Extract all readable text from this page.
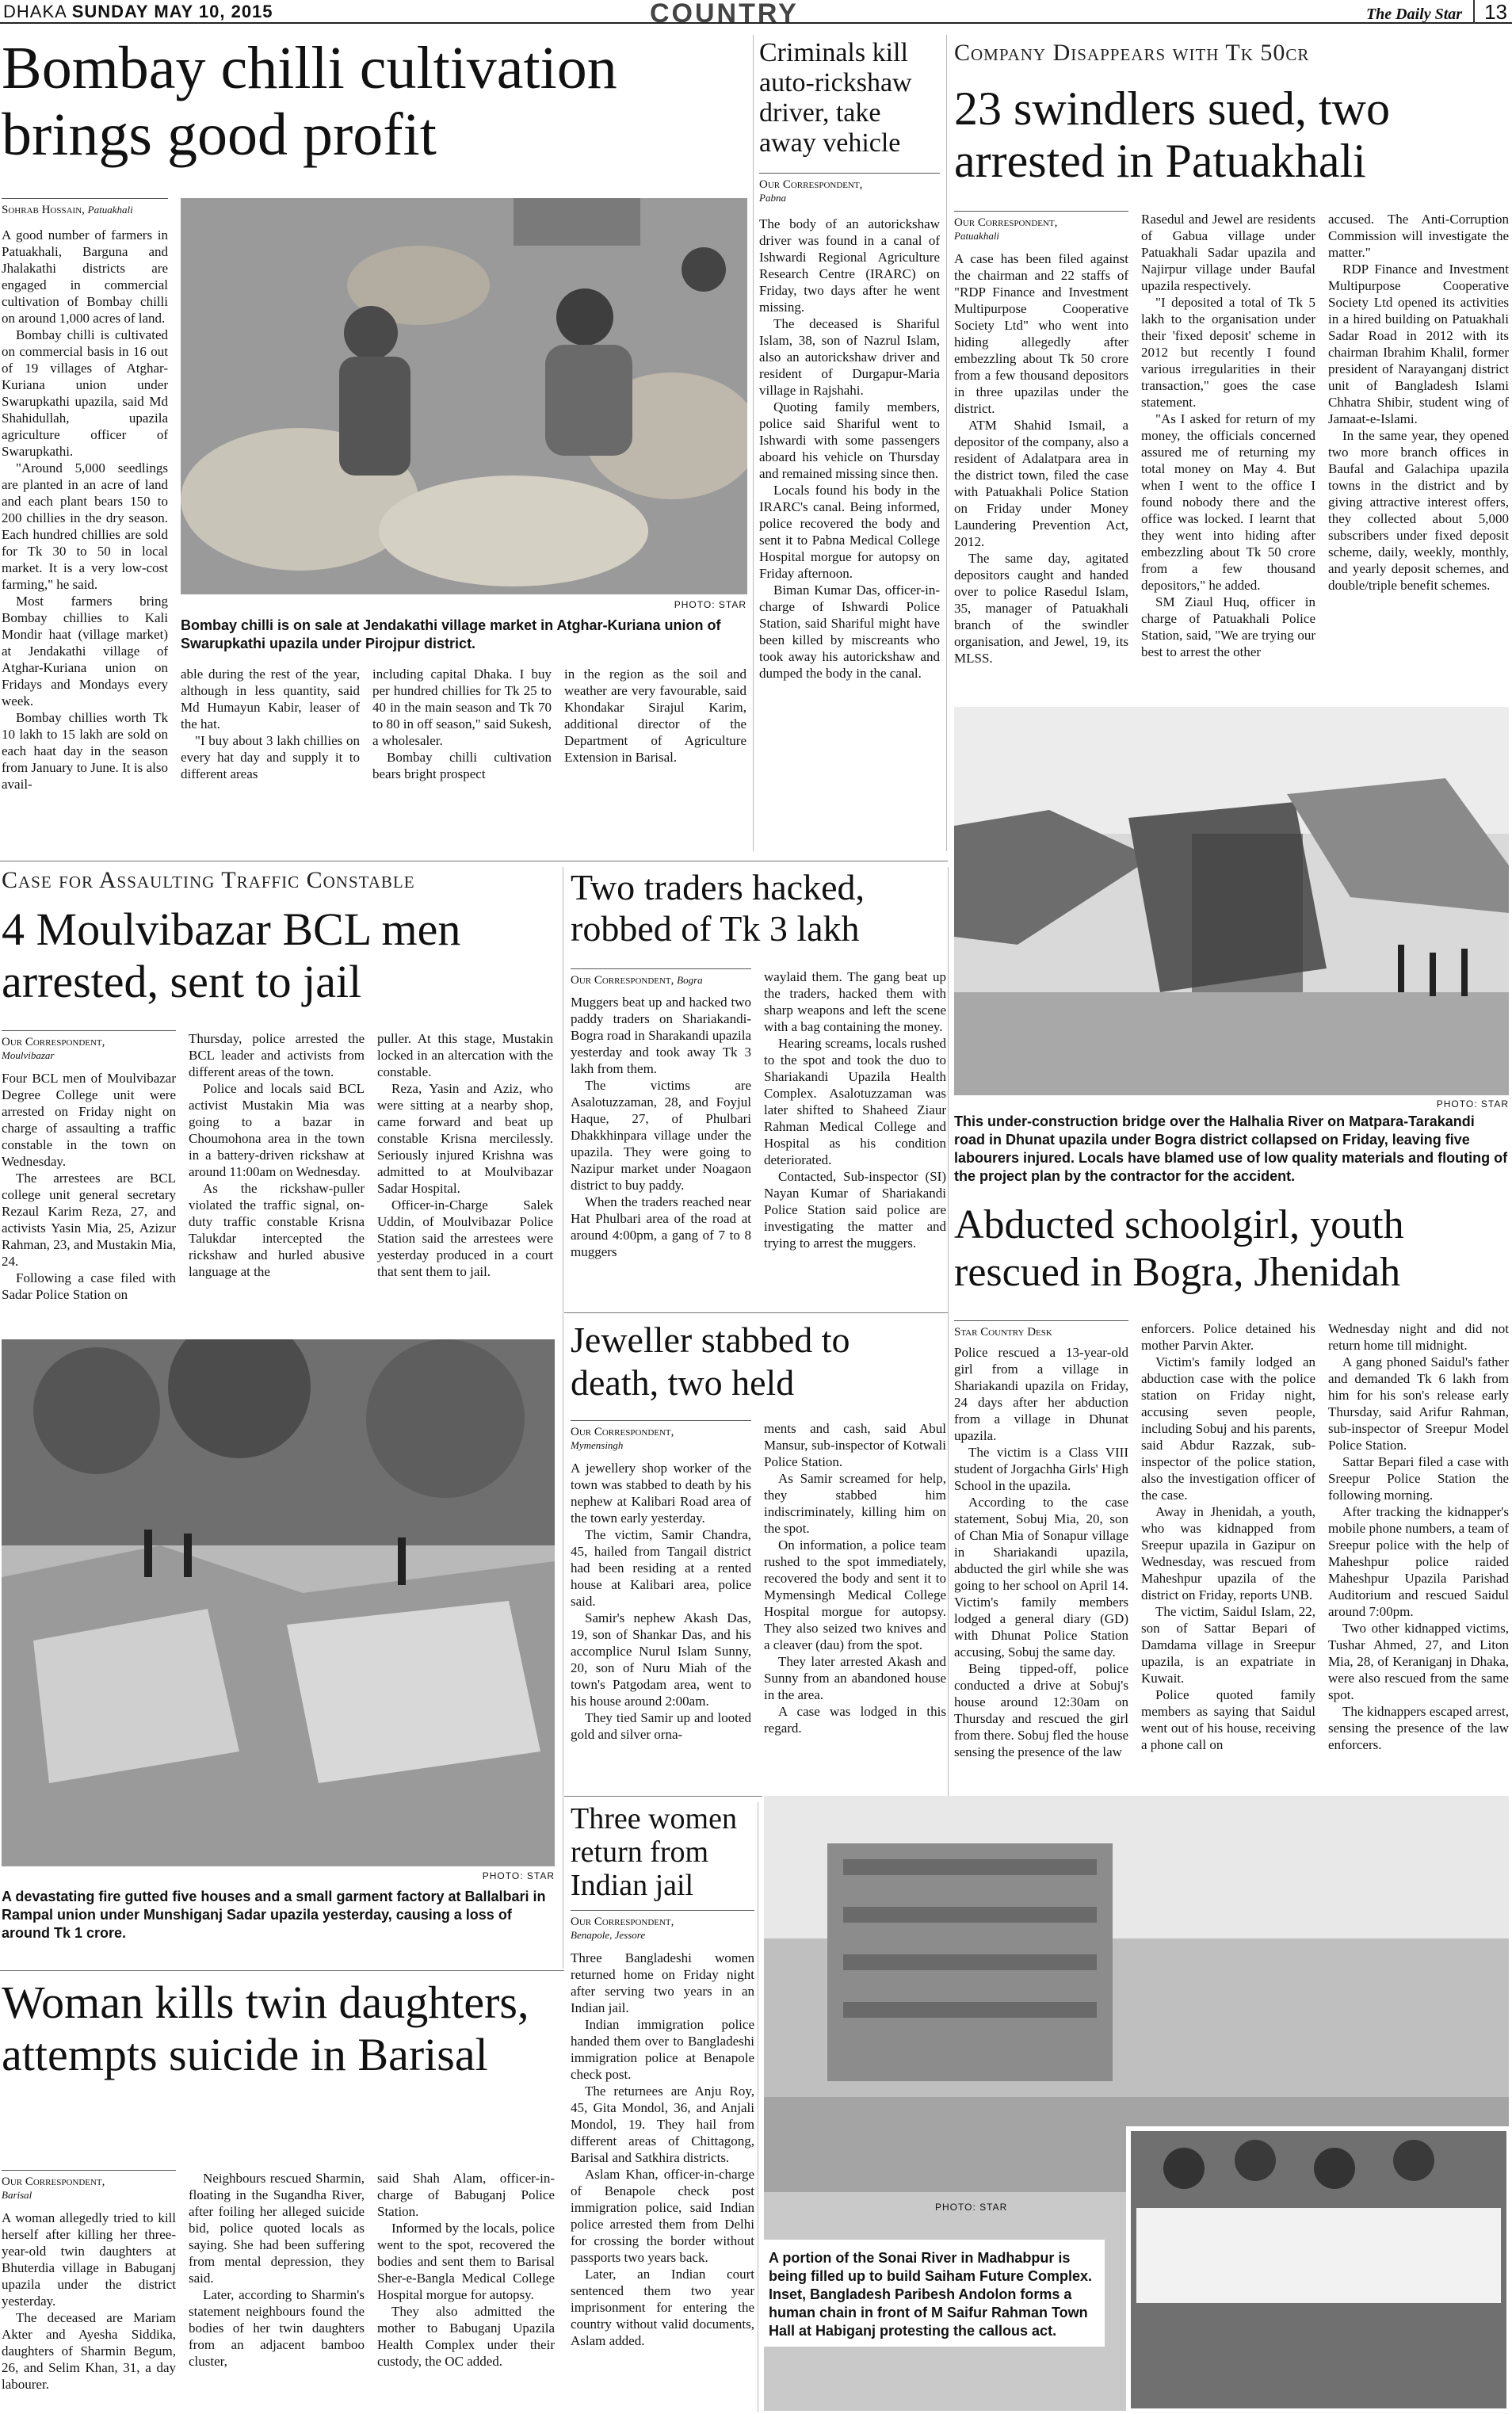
DHAKA SUNDAY MAY 10, 2015	COUNTRY	The Daily Star 13
Bombay chilli cultivation brings good profit
Sohrab Hossain, Patuakhali

A good number of farmers in Patuakhali, Barguna and Jhalakathi districts are engaged in commercial cultivation of Bombay chilli on around 1,000 acres of land.

Bombay chilli is cultivated on commercial basis in 16 out of 19 villages of Atghar-Kuriana union under Swarupkathi upazila, said Md Shahidullah, upazila agriculture officer of Swarupkathi.

"Around 5,000 seedlings are planted in an acre of land and each plant bears 150 to 200 chillies in the dry season. Each hundred chillies are sold for Tk 30 to 50 in local market. It is a very low-cost farming," he said.

Most farmers bring Bombay chillies to Kali Mondir haat (village market) at Jendakathi village of Atghar-Kuriana union on Fridays and Mondays every week.

Bombay chillies worth Tk 10 lakh to 15 lakh are sold on each haat day in the season from January to June. It is also avail-

PHOTO: STAR
Bombay chilli is on sale at Jendakathi village market in Atghar-Kuriana union of Swarupkathi upazila under Pirojpur district.

able during the rest of the year, although in less quantity, said Md Humayun Kabir, leaser of the hat.

"I buy about 3 lakh chillies on every hat day and supply it to different areas

including capital Dhaka. I buy per hundred chillies for Tk 25 to 40 in the main season and Tk 70 to 80 in off season," said Sukesh, a wholesaler.

Bombay chilli cultivation bears bright prospect

in the region as the soil and weather are very favourable, said Khondakar Sirajul Karim, additional director of the Department of Agriculture Extension in Barisal.

Criminals kill auto-rickshaw driver, take away vehicle
Our Correspondent,
Pabna

The body of an autorickshaw driver was found in a canal of Ishwardi Regional Agriculture Research Centre (IRARC) on Friday, two days after he went missing.

The deceased is Shariful Islam, 38, son of Nazrul Islam, also an autorickshaw driver and resident of Durgapur-Maria village in Rajshahi.

Quoting family members, police said Shariful went to Ishwardi with some passengers aboard his vehicle on Thursday and remained missing since then.

Locals found his body in the IRARC's canal. Being informed, police recovered the body and sent it to Pabna Medical College Hospital morgue for autopsy on Friday afternoon.

Biman Kumar Das, officer-in-charge of Ishwardi Police Station, said Shariful might have been killed by miscreants who took away his autorickshaw and dumped the body in the canal.

Company Disappears with Tk 50cr
23 swindlers sued, two arrested in Patuakhali
Our Correspondent,
Patuakhali

A case has been filed against the chairman and 22 staffs of "RDP Finance and Investment Multipurpose Cooperative Society Ltd" who went into hiding allegedly after embezzling about Tk 50 crore from a few thousand depositors in three upazilas under the district.

ATM Shahid Ismail, a depositor of the company, also a resident of Adalatpara area in the district town, filed the case with Patuakhali Police Station on Friday under Money Laundering Prevention Act, 2012.

The same day, agitated depositors caught and handed over to police Rasedul Islam, 35, manager of Patuakhali branch of the swindler organisation, and Jewel, 19, its MLSS.

Rasedul and Jewel are residents of Gabua village under Patuakhali Sadar upazila and Najirpur village under Baufal upazila respectively.

"I deposited a total of Tk 5 lakh to the organisation under their 'fixed deposit' scheme in 2012 but recently I found various irregularities in their transaction," goes the case statement.

"As I asked for return of my money, the officials concerned assured me of returning my total money on May 4. But when I went to the office I found nobody there and the office was locked. I learnt that they went into hiding after embezzling about Tk 50 crore from a few thousand depositors," he added.

SM Ziaul Huq, officer in charge of Patuakhali Police Station, said, "We are trying our best to arrest the other

accused. The Anti-Corruption Commission will investigate the matter."

RDP Finance and Investment Multipurpose Cooperative Society Ltd opened its activities in a hired building on Patuakhali Sadar Road in 2012 with its chairman Ibrahim Khalil, former president of Narayanganj district unit of Bangladesh Islami Chhatra Shibir, student wing of Jamaat-e-Islami.

In the same year, they opened two more branch offices in Baufal and Galachipa upazila towns in the district and by giving attractive interest offers, they collected about 5,000 subscribers under fixed deposit scheme, daily, weekly, monthly, and yearly deposit schemes, and double/triple benefit schemes.

PHOTO: STAR
This under-construction bridge over the Halhalia River on Matpara-Tarakandi road in Dhunat upazila under Bogra district collapsed on Friday, leaving five labourers injured. Locals have blamed use of low quality materials and flouting of the project plan by the contractor for the accident.
Case for Assaulting Traffic Constable
4 Moulvibazar BCL men arrested, sent to jail
Our Correspondent,
Moulvibazar

Four BCL men of Moulvibazar Degree College unit were arrested on Friday night on charge of assaulting a traffic constable in the town on Wednesday.

The arrestees are BCL college unit general secretary Rezaul Karim Reza, 27, and activists Yasin Mia, 25, Azizur Rahman, 23, and Mustakin Mia, 24.

Following a case filed with Sadar Police Station on

Thursday, police arrested the BCL leader and activists from different areas of the town.

Police and locals said BCL activist Mustakin Mia was going to a bazar in Choumohona area in the town in a battery-driven rickshaw at around 11:00am on Wednesday.

As the rickshaw-puller violated the traffic signal, on-duty traffic constable Krisna Talukdar intercepted the rickshaw and hurled abusive language at the

puller. At this stage, Mustakin locked in an altercation with the constable.

Reza, Yasin and Aziz, who were sitting at a nearby shop, came forward and beat up constable Krisna mercilessly. Seriously injured Krishna was admitted to at Moulvibazar Sadar Hospital.

Officer-in-Charge Salek Uddin, of Moulvibazar Police Station said the arrestees were yesterday produced in a court that sent them to jail.

Two traders hacked, robbed of Tk 3 lakh
Our Correspondent, Bogra

Muggers beat up and hacked two paddy traders on Shariakandi-Bogra road in Sharakandi upazila yesterday and took away Tk 3 lakh from them.

The victims are Asalotuzzaman, 28, and Foyjul Haque, 27, of Phulbari Dhakkhinpara village under the upazila. They were going to Nazipur market under Noagaon district to buy paddy.

When the traders reached near Hat Phulbari area of the road at around 4:00pm, a gang of 7 to 8 muggers

waylaid them. The gang beat up the traders, hacked them with sharp weapons and left the scene with a bag containing the money.

Hearing screams, locals rushed to the spot and took the duo to Shariakandi Upazila Health Complex. Asalotuzzaman was later shifted to Shaheed Ziaur Rahman Medical College and Hospital as his condition deteriorated.

Contacted, Sub-inspector (SI) Nayan Kumar of Shariakandi Police Station said police are investigating the matter and trying to arrest the muggers. Abducted schoolgirl, youth rescued in Bogra, Jhenidah
Star Country Desk

Police rescued a 13-year-old girl from a village in Shariakandi upazila on Friday, 24 days after her abduction from a village in Dhunat upazila.

The victim is a Class VIII student of Jorgachha Girls' High School in the upazila.

According to the case statement, Sobuj Mia, 20, son of Chan Mia of Sonapur village in Shariakandi upazila, abducted the girl while she was going to her school on April 14. Victim's family members lodged a general diary (GD) with Dhunat Police Station accusing, Sobuj the same day.

Being tipped-off, police conducted a drive at Sobuj's house around 12:30am on Thursday and rescued the girl from there. Sobuj fled the house sensing the presence of the law

enforcers. Police detained his mother Parvin Akter.

Victim's family lodged an abduction case with the police station on Friday night, accusing seven people, including Sobuj and his parents, said Abdur Razzak, sub-inspector of the police station, also the investigation officer of the case.

Away in Jhenidah, a youth, who was kidnapped from Sreepur upazila in Gazipur on Wednesday, was rescued from Maheshpur upazila of the district on Friday, reports UNB.

The victim, Saidul Islam, 22, son of Sattar Bepari of Damdama village in Sreepur upazila, is an expatriate in Kuwait.

Police quoted family members as saying that Saidul went out of his house, receiving a phone call on

Wednesday night and did not return home till midnight.

A gang phoned Saidul's father and demanded Tk 6 lakh from him for his son's release early Thursday, said Arifur Rahman, sub-inspector of Sreepur Model Police Station.

Sattar Bepari filed a case with Sreepur Police Station the following morning.

After tracking the kidnapper's mobile phone numbers, a team of Sreepur police with the help of Maheshpur police raided Maheshpur Upazila Parishad Auditorium and rescued Saidul around 7:00pm.

Two other kidnapped victims, Tushar Ahmed, 27, and Liton Mia, 28, of Keraniganj in Dhaka, were also rescued from the same spot.

The kidnappers escaped arrest, sensing the presence of the law enforcers.

Jeweller stabbed to death, two held
Our Correspondent,
Mymensingh

A jewellery shop worker of the town was stabbed to death by his nephew at Kalibari Road area of the town early yesterday.

The victim, Samir Chandra, 45, hailed from Tangail district had been residing at a rented house at Kalibari area, police said.

Samir's nephew Akash Das, 19, son of Shankar Das, and his accomplice Nurul Islam Sunny, 20, son of Nuru Miah of the town's Patgodam area, went to his house around 2:00am.

They tied Samir up and looted gold and silver orna-

ments and cash, said Abul Mansur, sub-inspector of Kotwali Police Station.

As Samir screamed for help, they stabbed him indiscriminately, killing him on the spot.

On information, a police team rushed to the spot immediately, recovered the body and sent it to Mymensingh Medical College Hospital morgue for autopsy. They also seized two knives and a cleaver (dau) from the spot.

They later arrested Akash and Sunny from an abandoned house in the area.

A case was lodged in this regard.

PHOTO: STAR
A devastating fire gutted five houses and a small garment factory at Ballalbari in Rampal union under Munshiganj Sadar upazila yesterday, causing a loss of around Tk 1 crore.
Woman kills twin daughters, attempts suicide in Barisal
Our Correspondent,
Barisal

A woman allegedly tried to kill herself after killing her three-year-old twin daughters at Bhuterdia village in Babuganj upazila under the district yesterday.

The deceased are Mariam Akter and Ayesha Siddika, daughters of Sharmin Begum, 26, and Selim Khan, 31, a day labourer.

Neighbours rescued Sharmin, floating in the Sugandha River, after foiling her alleged suicide bid, police quoted locals as saying. She had been suffering from mental depression, they said.

Later, according to Sharmin's statement neighbours found the bodies of her twin daughters from an adjacent bamboo cluster,

said Shah Alam, officer-in-charge of Babuganj Police Station.

Informed by the locals, police went to the spot, recovered the bodies and sent them to Barisal Sher-e-Bangla Medical College Hospital morgue for autopsy.

They also admitted the mother to Babuganj Upazila Health Complex under their custody, the OC added.

Three women return from Indian jail
Our Correspondent,
Benapole, Jessore

Three Bangladeshi women returned home on Friday night after serving two years in an Indian jail.

Indian immigration police handed them over to Bangladeshi immigration police at Benapole check post.

The returnees are Anju Roy, 45, Gita Mondol, 36, and Anjali Mondol, 19. They hail from different areas of Chittagong, Barisal and Satkhira districts.

Aslam Khan, officer-in-charge of Benapole check post immigration police, said Indian police arrested them from Delhi for crossing the border without passports two years back.

Later, an Indian court sentenced them two year imprisonment for entering the country without valid documents, Aslam added.

PHOTO: STAR
A portion of the Sonai River in Madhabpur is being filled up to build Saiham Future Complex. Inset, Bangladesh Paribesh Andolon forms a human chain in front of M Saifur Rahman Town Hall at Habiganj protesting the callous act.
